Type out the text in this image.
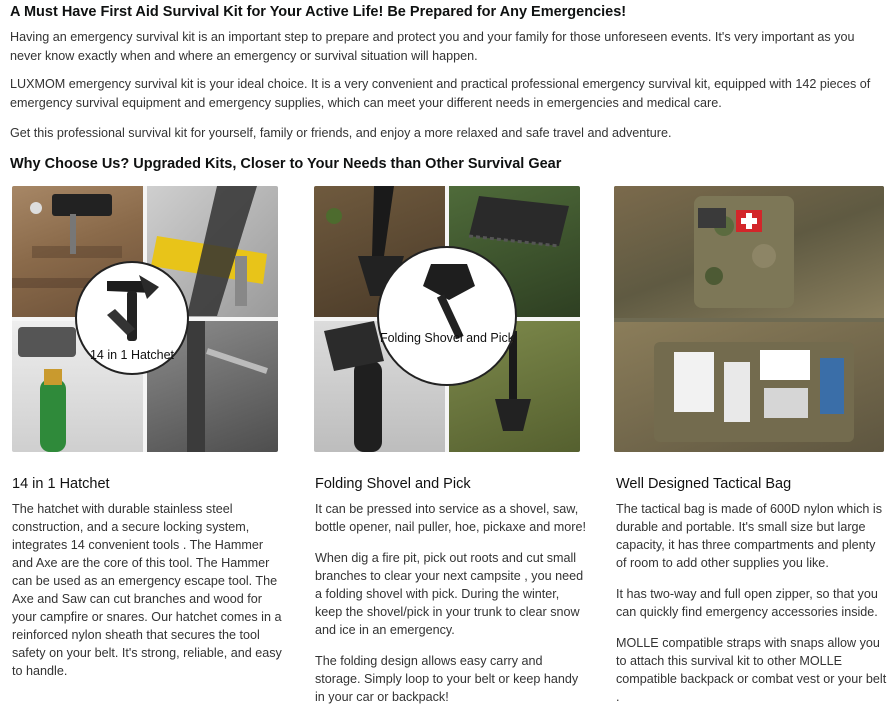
A Must Have First Aid Survival Kit for Your Active Life! Be Prepared for Any Emergencies!
Having an emergency survival kit is an important step to prepare and protect you and your family for those unforeseen events. It's very important as you never know exactly when and where an emergency or survival situation will happen.
LUXMOM emergency survival kit is your ideal choice. It is a very convenient and practical professional emergency survival kit, equipped with 142 pieces of emergency survival equipment and emergency supplies, which can meet your different needs in emergencies and medical care.
Get this professional survival kit for yourself, family or friends, and enjoy a more relaxed and safe travel and adventure.
Why Choose Us? Upgraded Kits, Closer to Your Needs than Other Survival Gear
14 in 1 Hatchet
Folding Shovel and Pick
14 in 1 Hatchet

The hatchet with durable stainless steel construction, and a secure locking system, integrates 14 convenient tools . The Hammer and Axe are the core of this tool. The Hammer can be used as an emergency escape tool. The Axe and Saw can cut branches and wood for your campfire or snares. Our hatchet comes in a reinforced nylon sheath that secures the tool safety on your belt. It's strong, reliable, and easy to handle.

Folding Shovel and Pick

It can be pressed into service as a shovel, saw, bottle opener, nail puller, hoe, pickaxe and more!

When dig a fire pit, pick out roots and cut small branches to clear your next campsite , you need a folding shovel with pick. During the winter, keep the shovel/pick in your trunk to clear snow and ice in an emergency.

The folding design allows easy carry and storage. Simply loop to your belt or keep handy in your car or backpack!

Well Designed Tactical Bag

The tactical bag is made of 600D nylon which is durable and portable. It's small size but large capacity, it has three compartments and plenty of room to add other supplies you like.

It has two-way and full open zipper, so that you can quickly find emergency accessories inside.

MOLLE compatible straps with snaps allow you to attach this survival kit to other MOLLE compatible backpack or combat vest or your belt .
